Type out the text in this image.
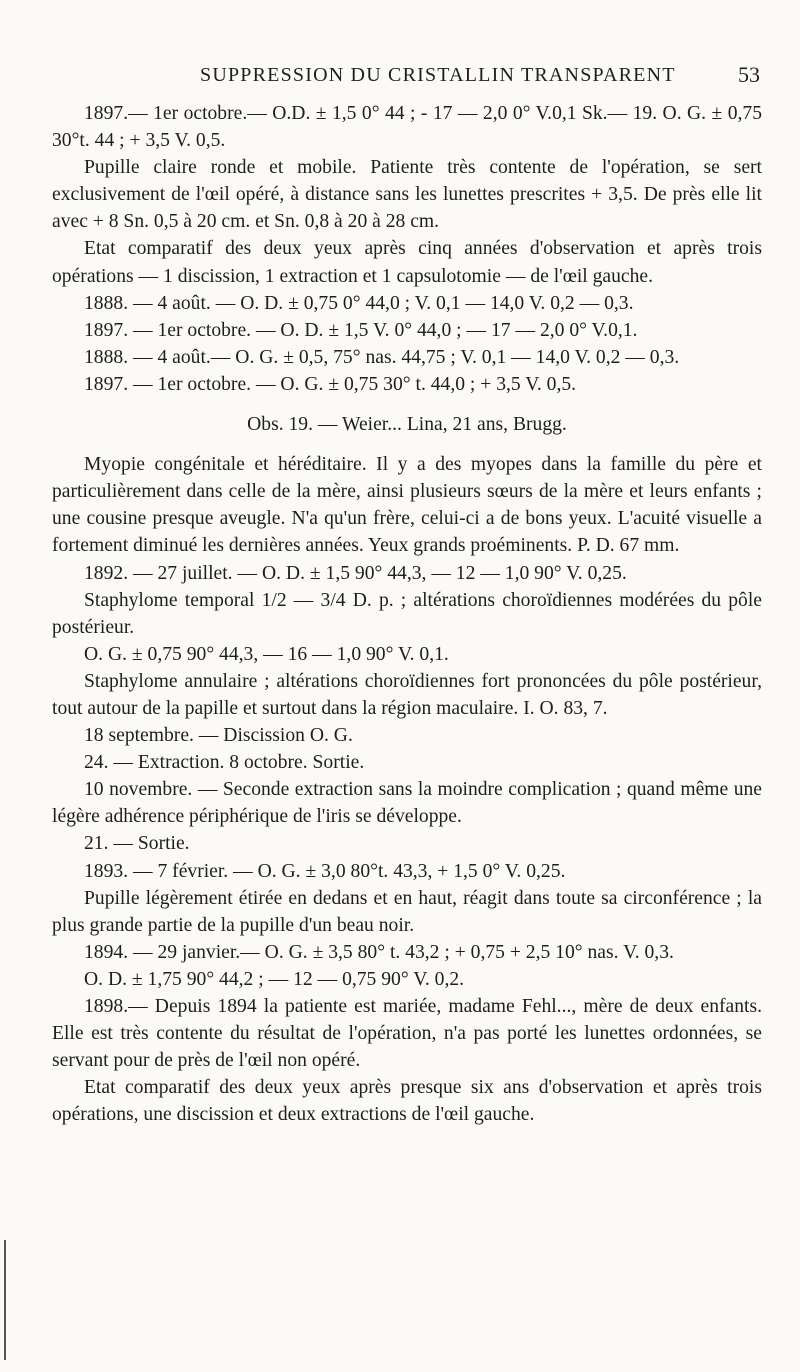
SUPPRESSION DU CRISTALLIN TRANSPARENT	53

1897.— 1er octobre.— O.D. ± 1,5 0° 44 ; - 17 — 2,0 0° V.0,1 Sk.— 19. O. G. ± 0,75 30°t. 44 ; + 3,5 V. 0,5.

Pupille claire ronde et mobile. Patiente très contente de l'opération, se sert exclusivement de l'œil opéré, à distance sans les lunettes prescrites + 3,5. De près elle lit avec + 8 Sn. 0,5 à 20 cm. et Sn. 0,8 à 20 à 28 cm.

Etat comparatif des deux yeux après cinq années d'observation et après trois opérations — 1 discission, 1 extraction et 1 capsulotomie — de l'œil gauche.

1888. — 4 août. — O. D. ± 0,75 0° 44,0 ; V. 0,1 — 14,0 V. 0,2 — 0,3.

1897. — 1er octobre. — O. D. ± 1,5 V. 0° 44,0 ; — 17 — 2,0 0° V.0,1.

1888. — 4 août.— O. G. ± 0,5, 75° nas. 44,75 ; V. 0,1 — 14,0 V. 0,2 — 0,3.

1897. — 1er octobre. — O. G. ± 0,75 30° t. 44,0 ; + 3,5 V. 0,5.

Obs. 19. — Weier... Lina, 21 ans, Brugg.

Myopie congénitale et héréditaire. Il y a des myopes dans la famille du père et particulièrement dans celle de la mère, ainsi plusieurs sœurs de la mère et leurs enfants ; une cousine presque aveugle. N'a qu'un frère, celui-ci a de bons yeux. L'acuité visuelle a fortement diminué les dernières années. Yeux grands proéminents. P. D. 67 mm.

1892. — 27 juillet. — O. D. ± 1,5 90° 44,3, — 12 — 1,0 90° V. 0,25.

Staphylome temporal 1/2 — 3/4 D. p. ; altérations choroïdiennes modérées du pôle postérieur.

O. G. ± 0,75 90° 44,3, — 16 — 1,0 90° V. 0,1.

Staphylome annulaire ; altérations choroïdiennes fort prononcées du pôle postérieur, tout autour de la papille et surtout dans la région maculaire. I. O. 83, 7.

18 septembre. — Discission O. G.

24. — Extraction. 8 octobre. Sortie.

10 novembre. — Seconde extraction sans la moindre complication ; quand même une légère adhérence périphérique de l'iris se développe.

21. — Sortie.

1893. — 7 février. — O. G. ± 3,0 80°t. 43,3, + 1,5 0° V. 0,25.

Pupille légèrement étirée en dedans et en haut, réagit dans toute sa circonférence ; la plus grande partie de la pupille d'un beau noir.

1894. — 29 janvier.— O. G. ± 3,5 80° t. 43,2 ; + 0,75 + 2,5 10° nas. V. 0,3.

O. D. ± 1,75 90° 44,2 ; — 12 — 0,75 90° V. 0,2.

1898.— Depuis 1894 la patiente est mariée, madame Fehl..., mère de deux enfants. Elle est très contente du résultat de l'opération, n'a pas porté les lunettes ordonnées, se servant pour de près de l'œil non opéré.

Etat comparatif des deux yeux après presque six ans d'observation et après trois opérations, une discission et deux extractions de l'œil gauche.
